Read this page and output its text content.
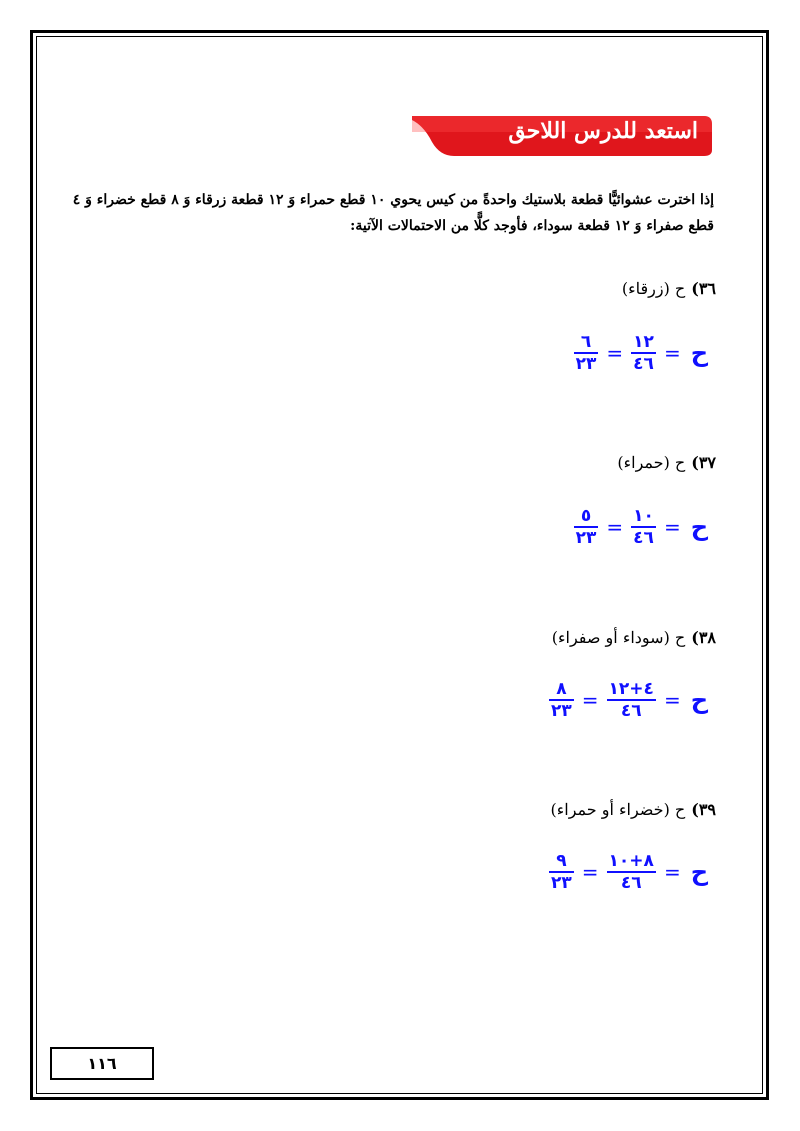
استعد للدرس اللاحق
إذا اخترت عشوائيًّا قطعة بلاستيك واحدةً من كيس يحوي ١٠ قطع حمراء وَ ١٢ قطعة زرقاء وَ ٨ قطع خضراء وَ ٤ قطع صفراء وَ ١٢ قطعة سوداء، فأوجد كلًّا من الاحتمالات الآتية:
٣٦)ح (زرقاء)
$\frac{٦}{٢٣} = \frac{١٢}{٤٦}$ = ح
٣٧)ح (حمراء)
$\frac{٥}{٢٣} = \frac{١٠}{٤٦}$ = ح
٣٨)ح (سوداء أو صفراء)
$\frac{٨}{٢٣} = \frac{٤+١٢}{٤٦}$ = ح
٣٩)ح (خضراء أو حمراء)
$\frac{٩}{٢٣} = \frac{٨+١٠}{٤٦}$ = ح
١١٦
